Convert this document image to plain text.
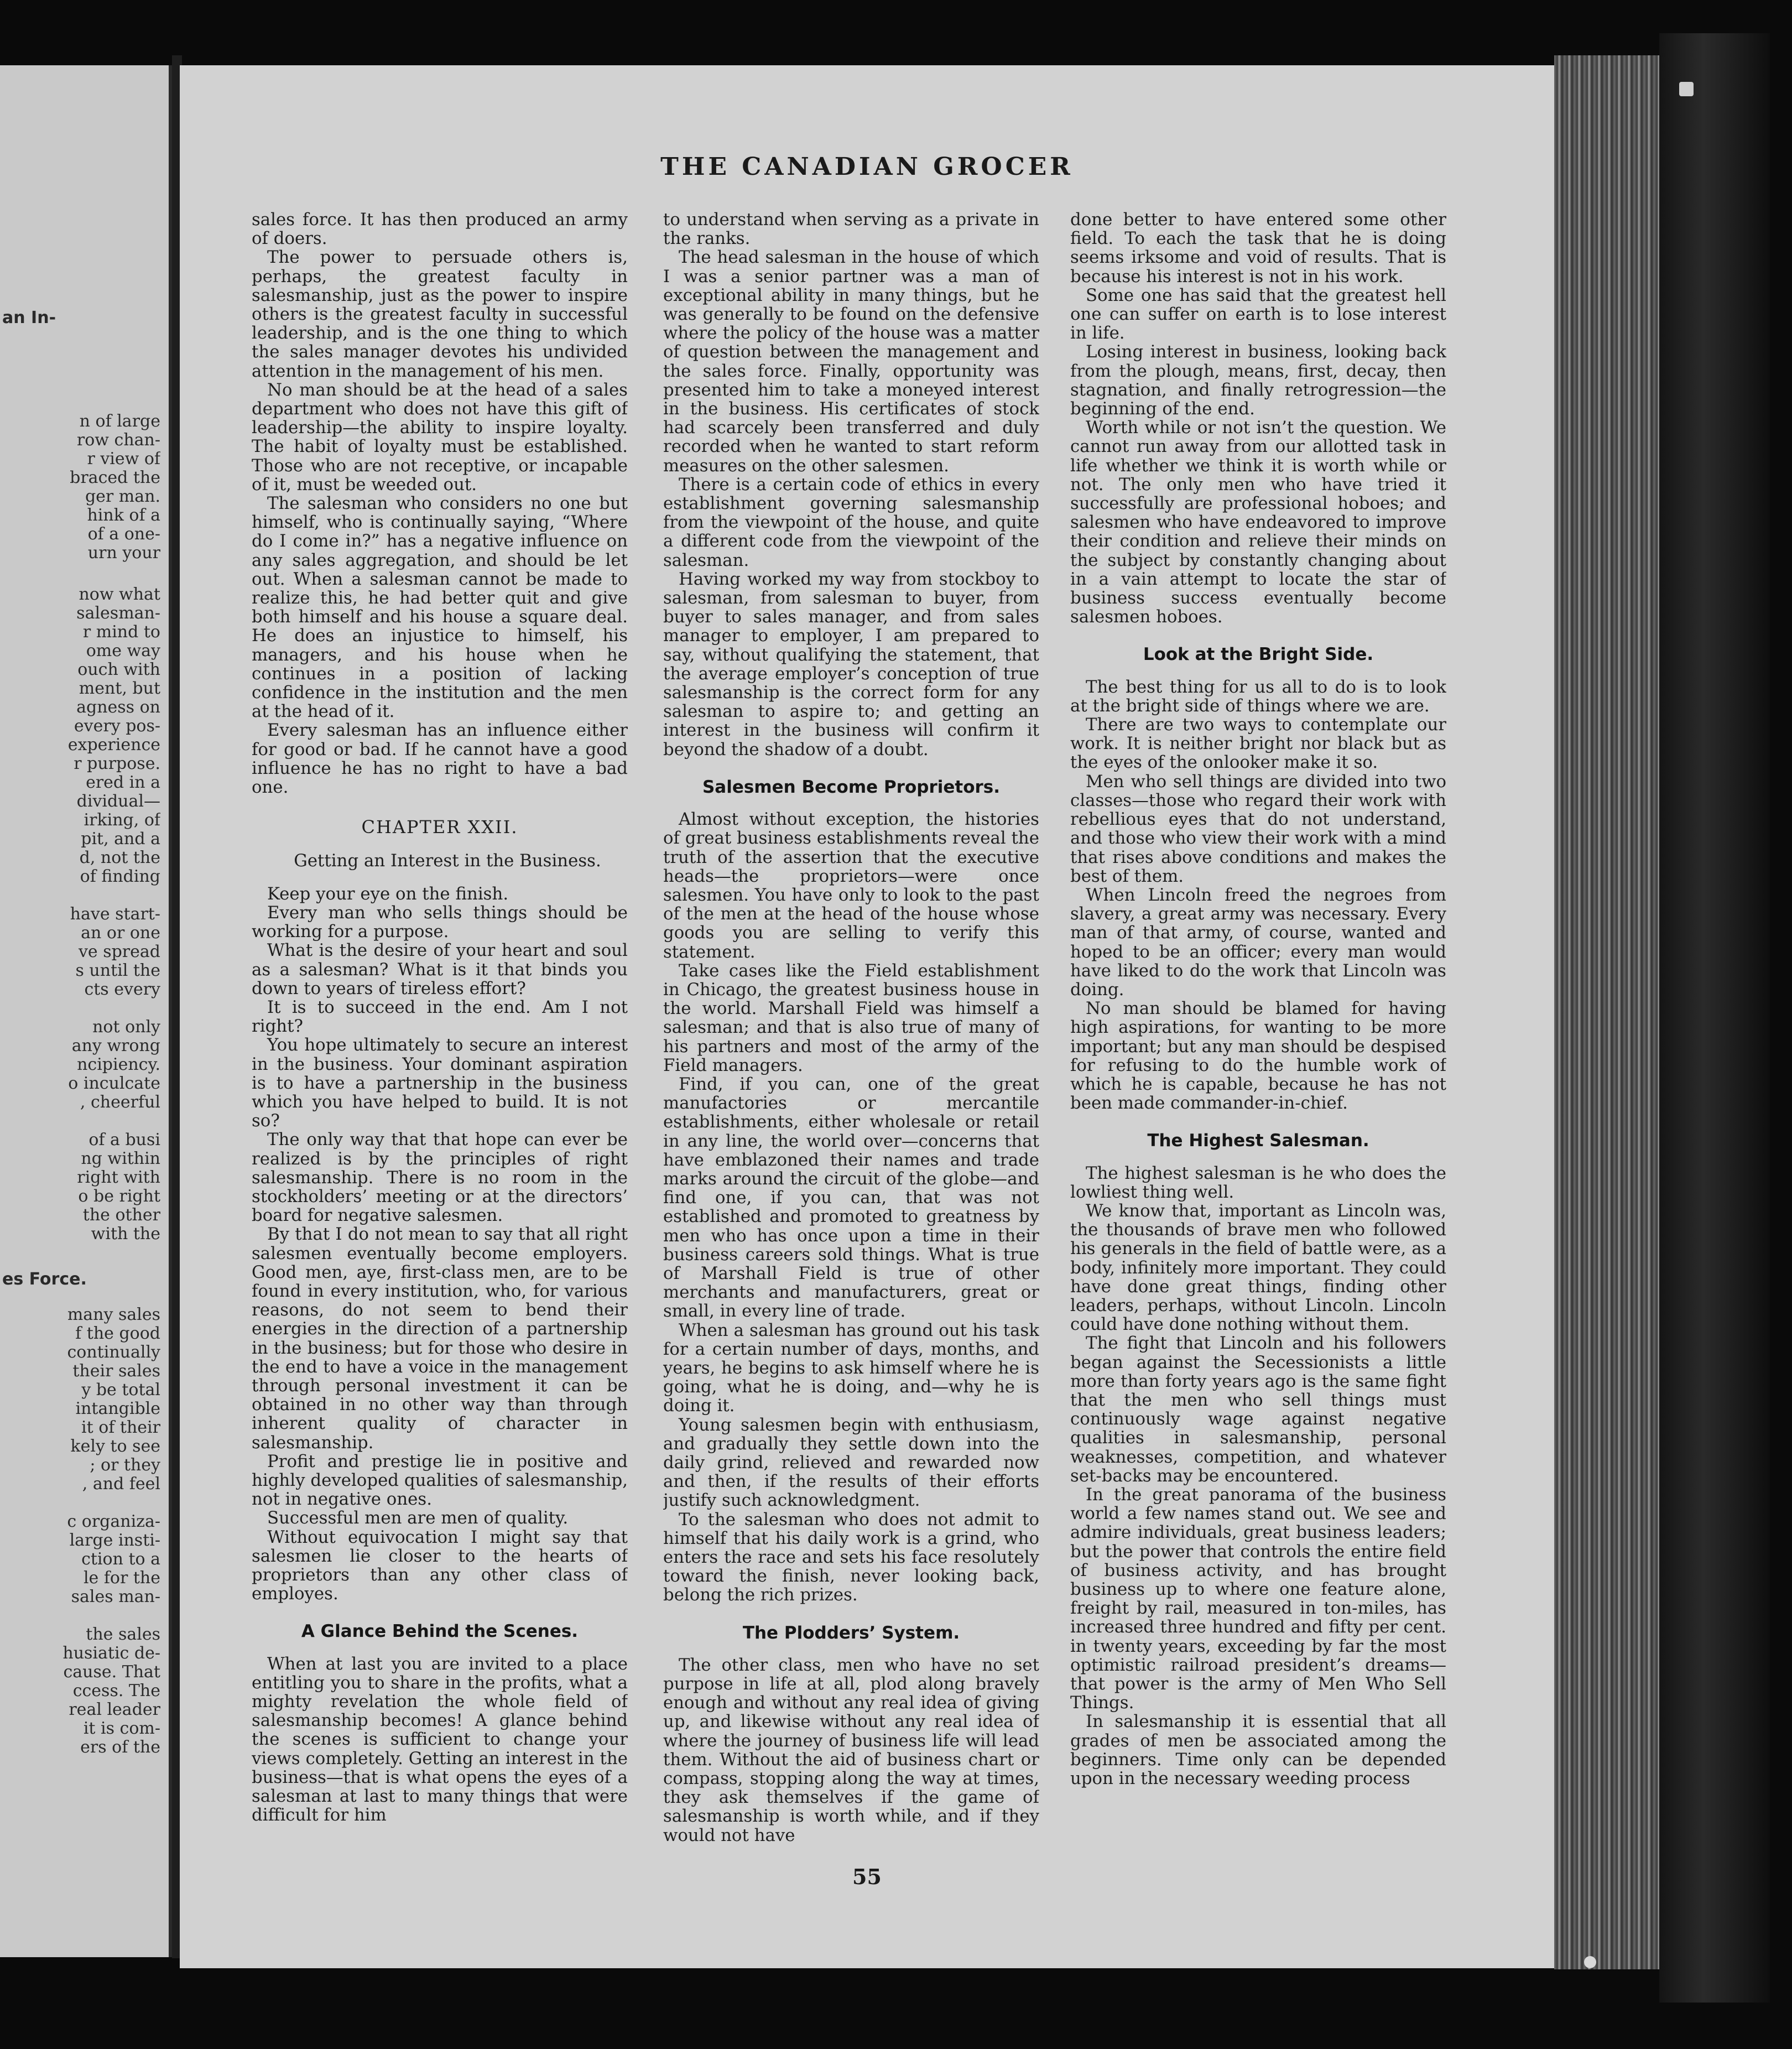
an In-
n of large
row chan-
r view of
braced the
ger man.
hink of a
of a one-
urn your
now what
salesman-
r mind to
ome way
ouch with
ment, but
agness on
every pos-
experience
r purpose.
ered in a
dividual—
irking, of
pit, and a
d, not the
of finding
have start-
an or one
ve spread
s until the
cts every
not only
any wrong
ncipiency.
o inculcate
, cheerful
of a busi
ng within
right with
o be right
the other
with the
es Force.
many sales
f the good
continually
their sales
y be total
intangible
it of their
kely to see
; or they
, and feel
c organiza-
large insti-
ction to a
le for the
sales man-
the sales
husiatic de-
cause. That
ccess. The
real leader
it is com-
ers of the
THE CANADIAN GROCER

sales force. It has then produced an army of doers.

The power to persuade others is, perhaps, the greatest faculty in salesmanship, just as the power to inspire others is the greatest faculty in successful leadership, and is the one thing to which the sales manager devotes his undivided attention in the management of his men.

No man should be at the head of a sales department who does not have this gift of leadership—the ability to inspire loyalty. The habit of loyalty must be established. Those who are not receptive, or incapable of it, must be weeded out.

The salesman who considers no one but himself, who is continually saying, “Where do I come in?” has a negative influence on any sales aggregation, and should be let out. When a salesman cannot be made to realize this, he had better quit and give both himself and his house a square deal. He does an injustice to himself, his managers, and his house when he continues in a position of lacking confidence in the institution and the men at the head of it.

Every salesman has an influence either for good or bad. If he cannot have a good influence he has no right to have a bad one.

CHAPTER XXII.

Getting an Interest in the Business.

Keep your eye on the finish.

Every man who sells things should be working for a purpose.

What is the desire of your heart and soul as a salesman? What is it that binds you down to years of tireless effort?

It is to succeed in the end. Am I not right?

You hope ultimately to secure an interest in the business. Your dominant aspiration is to have a partnership in the business which you have helped to build. It is not so?

The only way that that hope can ever be realized is by the principles of right salesmanship. There is no room in the stockholders’ meeting or at the directors’ board for negative salesmen.

By that I do not mean to say that all right salesmen eventually become employers. Good men, aye, first-class men, are to be found in every institution, who, for various reasons, do not seem to bend their energies in the direction of a partnership in the business; but for those who desire in the end to have a voice in the management through personal investment it can be obtained in no other way than through inherent quality of character in salesmanship.

Profit and prestige lie in positive and highly developed qualities of salesmanship, not in negative ones.

Successful men are men of quality.

Without equivocation I might say that salesmen lie closer to the hearts of proprietors than any other class of employes.

A Glance Behind the Scenes.

When at last you are invited to a place entitling you to share in the profits, what a mighty revelation the whole field of salesmanship becomes! A glance behind the scenes is sufficient to change your views completely. Getting an interest in the business—that is what opens the eyes of a salesman at last to many things that were difficult for him

to understand when serving as a private in the ranks.

The head salesman in the house of which I was a senior partner was a man of exceptional ability in many things, but he was generally to be found on the defensive where the policy of the house was a matter of question between the management and the sales force. Finally, opportunity was presented him to take a moneyed interest in the business. His certificates of stock had scarcely been transferred and duly recorded when he wanted to start reform measures on the other salesmen.

There is a certain code of ethics in every establishment governing salesmanship from the viewpoint of the house, and quite a different code from the viewpoint of the salesman.

Having worked my way from stockboy to salesman, from salesman to buyer, from buyer to sales manager, and from sales manager to employer, I am prepared to say, without qualifying the statement, that the average employer’s conception of true salesmanship is the correct form for any salesman to aspire to; and getting an interest in the business will confirm it beyond the shadow of a doubt.

Salesmen Become Proprietors.

Almost without exception, the histories of great business establishments reveal the truth of the assertion that the executive heads—the proprietors—were once salesmen. You have only to look to the past of the men at the head of the house whose goods you are selling to verify this statement.

Take cases like the Field establishment in Chicago, the greatest business house in the world. Marshall Field was himself a salesman; and that is also true of many of his partners and most of the army of the Field managers.

Find, if you can, one of the great manufactories or mercantile establishments, either wholesale or retail in any line, the world over—concerns that have emblazoned their names and trade marks around the circuit of the globe—and find one, if you can, that was not established and promoted to greatness by men who has once upon a time in their business careers sold things. What is true of Marshall Field is true of other merchants and manufacturers, great or small, in every line of trade.

When a salesman has ground out his task for a certain number of days, months, and years, he begins to ask himself where he is going, what he is doing, and—why he is doing it.

Young salesmen begin with enthusiasm, and gradually they settle down into the daily grind, relieved and rewarded now and then, if the results of their efforts justify such acknowledgment.

To the salesman who does not admit to himself that his daily work is a grind, who enters the race and sets his face resolutely toward the finish, never looking back, belong the rich prizes.

The Plodders’ System.

The other class, men who have no set purpose in life at all, plod along bravely enough and without any real idea of giving up, and likewise without any real idea of where the journey of business life will lead them. Without the aid of business chart or compass, stopping along the way at times, they ask themselves if the game of salesmanship is worth while, and if they would not have

done better to have entered some other field. To each the task that he is doing seems irksome and void of results. That is because his interest is not in his work.

Some one has said that the greatest hell one can suffer on earth is to lose interest in life.

Losing interest in business, looking back from the plough, means, first, decay, then stagnation, and finally retrogression—the beginning of the end.

Worth while or not isn’t the question. We cannot run away from our allotted task in life whether we think it is worth while or not. The only men who have tried it successfully are professional hoboes; and salesmen who have endeavored to improve their condition and relieve their minds on the subject by constantly changing about in a vain attempt to locate the star of business success eventually become salesmen hoboes.

Look at the Bright Side.

The best thing for us all to do is to look at the bright side of things where we are.

There are two ways to contemplate our work. It is neither bright nor black but as the eyes of the onlooker make it so.

Men who sell things are divided into two classes—those who regard their work with rebellious eyes that do not understand, and those who view their work with a mind that rises above conditions and makes the best of them.

When Lincoln freed the negroes from slavery, a great army was necessary. Every man of that army, of course, wanted and hoped to be an officer; every man would have liked to do the work that Lincoln was doing.

No man should be blamed for having high aspirations, for wanting to be more important; but any man should be despised for refusing to do the humble work of which he is capable, because he has not been made commander-in-chief.

The Highest Salesman.

The highest salesman is he who does the lowliest thing well.

We know that, important as Lincoln was, the thousands of brave men who followed his generals in the field of battle were, as a body, infinitely more important. They could have done great things, finding other leaders, perhaps, without Lincoln. Lincoln could have done nothing without them.

The fight that Lincoln and his followers began against the Secessionists a little more than forty years ago is the same fight that the men who sell things must continuously wage against negative qualities in salesmanship, personal weaknesses, competition, and whatever set-backs may be encountered.

In the great panorama of the business world a few names stand out. We see and admire individuals, great business leaders; but the power that controls the entire field of business activity, and has brought business up to where one feature alone, freight by rail, measured in ton-miles, has increased three hundred and fifty per cent. in twenty years, exceeding by far the most optimistic railroad president’s dreams—that power is the army of Men Who Sell Things.

In salesmanship it is essential that all grades of men be associated among the beginners. Time only can be depended upon in the necessary weeding process

55
